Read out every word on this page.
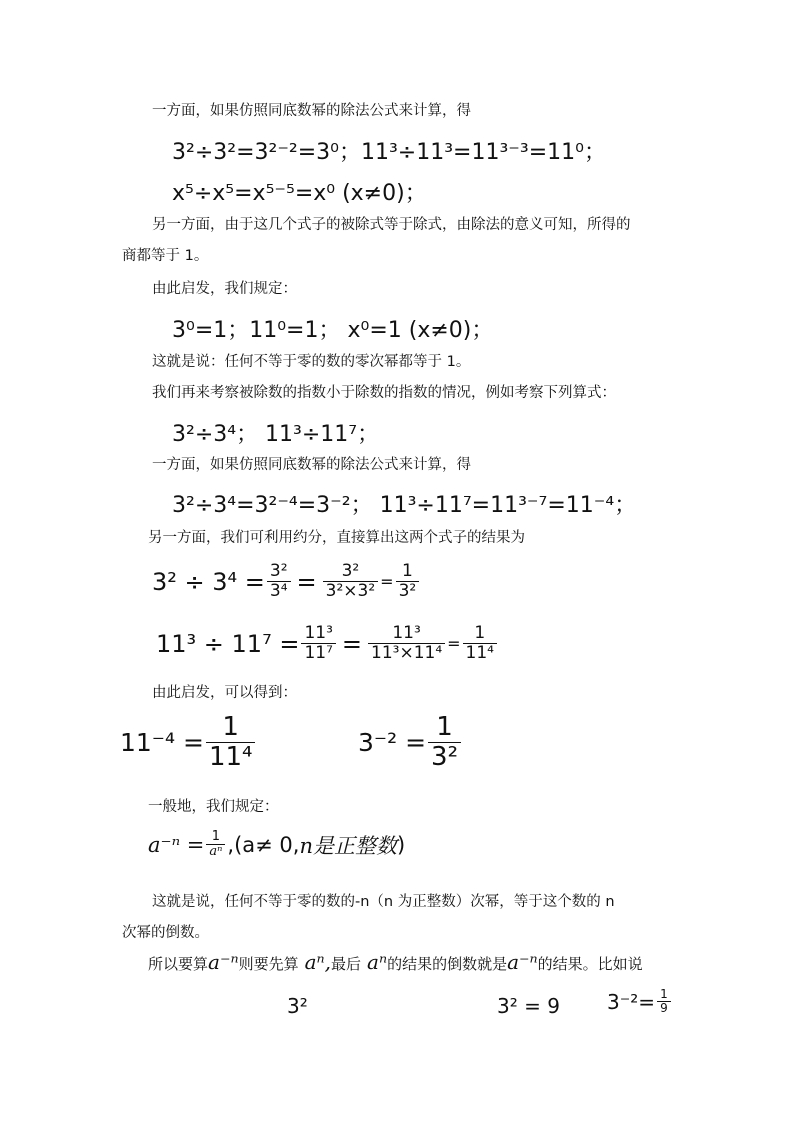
一方面，如果仿照同底数幂的除法公式来计算，得
3²÷3²=3²⁻²=3⁰；11³÷11³=11³⁻³=11⁰；
x⁵÷x⁵=x⁵⁻⁵=x⁰ (x≠0)；
另一方面，由于这几个式子的被除式等于除式，由除法的意义可知，所得的
商都等于 1。
由此启发，我们规定：
3⁰=1；11⁰=1； x⁰=1 (x≠0)；
这就是说：任何不等于零的数的零次幂都等于 1。
我们再来考察被除数的指数小于除数的指数的情况，例如考察下列算式：
3²÷3⁴； 11³÷11⁷；
一方面，如果仿照同底数幂的除法公式来计算，得
3²÷3⁴=3²⁻⁴=3⁻²； 11³÷11⁷=11³⁻⁷=11⁻⁴；
另一方面，我们可利用约分，直接算出这两个式子的结果为
$3^2 \div 3^4 = \frac{\text{3²}}{\text{3⁴}} = \frac{\text{3²}}{\text{3²×3²}} = \frac{1}{\text{3²}}$
$11^3 \div 11^7 = \frac{\text{11³}}{\text{11⁷}} = \frac{\text{11³}}{\text{11³×11⁴}} = \frac{1}{\text{11⁴}}$
由此启发，可以得到：
$11^{-4} = \frac{1}{\text{11⁴}}$	$3^{-2} = \frac{1}{\text{3²}}$
一般地，我们规定：
$a^{-n} = \frac{1}{\text{aⁿ}} ,(a\ne 0$, n是正整数 )
这就是说，任何不等于零的数的-n（n 为正整数）次幂，等于这个数的 n
次幂的倒数。
所以要算 a⁻ⁿ 则要先算 aⁿ, 最后 aⁿ 的结果的倒数就是 a⁻ⁿ 的结果。比如说
3²	3² = 9 $3^{-2}= \frac{1}{9}$
